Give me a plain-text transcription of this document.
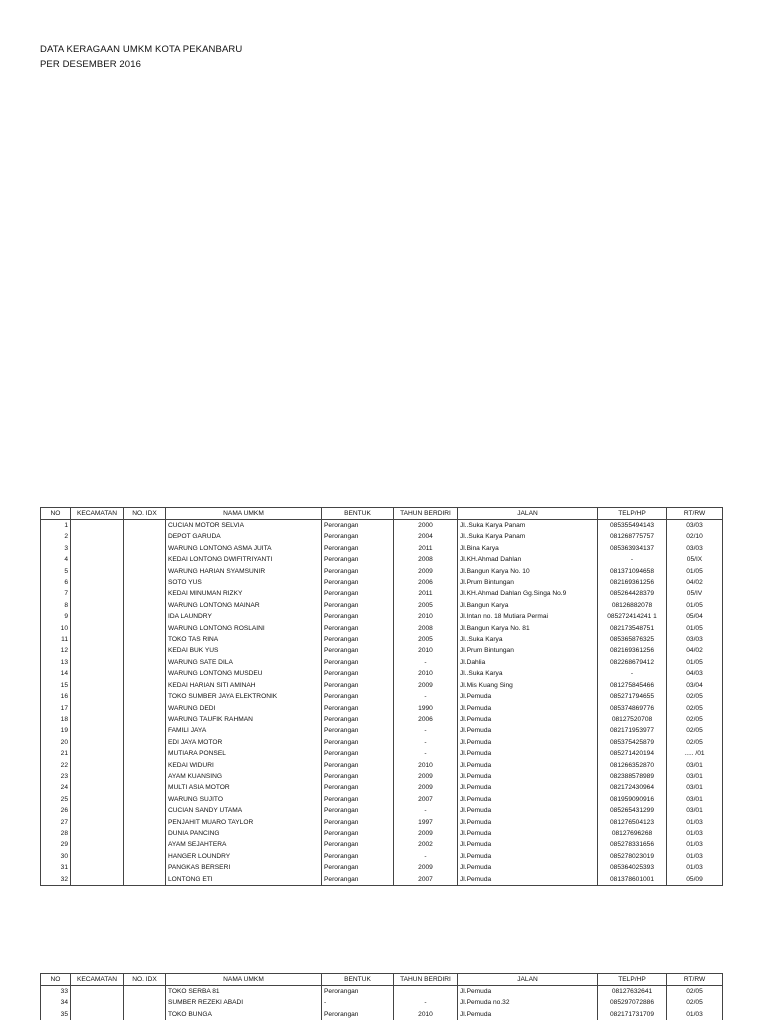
DATA KERAGAAN UMKM KOTA PEKANBARU
PER DESEMBER 2016
NO	KECAMATAN	NO. IDX	NAMA UMKM	BENTUK	TAHUN BERDIRI	JALAN	TELP/HP	RT/RW
1			CUCIAN MOTOR SELVIA	Perorangan	2000	Jl..Suka Karya Panam	085355494143	03/03
2			DEPOT GARUDA	Perorangan	2004	Jl..Suka Karya Panam	081268775757	02/10
3			WARUNG LONTONG ASMA JUITA	Perorangan	2011	Jl.Bina Karya	085363934137	03/03
4			KEDAI LONTONG DWIFITRIYANTI	Perorangan	2008	Jl.KH.Ahmad Dahlan	-	05/IX
5			WARUNG HARIAN SYAMSUNIR	Perorangan	2009	Jl.Bangun Karya No. 10	081371094658	01/05
6			SOTO YUS	Perorangan	2006	Jl.Prum Bintungan	082169361256	04/02
7			KEDAI MINUMAN RIZKY	Perorangan	2011	Jl.KH.Ahmad Dahlan Gg.Singa No.9	085264428379	05/IV
8			WARUNG LONTONG MAINAR	Perorangan	2005	Jl.Bangun Karya	08126882078	01/05
9			IDA LAUNDRY	Perorangan	2010	Jl.Intan no. 18 Mutiara Permai	085272414241 1	05/04
10			WARUNG LONTONG ROSLAINI	Perorangan	2008	Jl.Bangun Karya No. 81	082173548751	01/05
11			TOKO TAS RINA	Perorangan	2005	Jl..Suka Karya	085365876325	03/03
12			KEDAI BUK YUS	Perorangan	2010	Jl.Prum Bintungan	082169361256	04/02
13			WARUNG SATE DILA	Perorangan	-	Jl.Dahlia	082268679412	01/05
14			WARUNG LONTONG MUSDEU	Perorangan	2010	Jl..Suka Karya	-	04/03
15			KEDAI HARIAN SITI AMINAH	Perorangan	2009	Jl.Mis Kuang Sing	081275845466	03/04
16			TOKO SUMBER JAYA ELEKTRONIK	Perorangan	-	Jl.Pemuda	085271794655	02/05
17			WARUNG DEDI	Perorangan	1990	Jl.Pemuda	085374869776	02/05
18			WARUNG TAUFIK RAHMAN	Perorangan	2006	Jl.Pemuda	08127520708	02/05
19			FAMILI JAYA	Perorangan	-	Jl.Pemuda	082171953977	02/05
20			EDI JAYA MOTOR	Perorangan	-	Jl.Pemuda	085375425879	02/05
21			MUTIARA PONSEL	Perorangan	-	Jl.Pemuda	085271420194	..... /01
22			KEDAI WIDURI	Perorangan	2010	Jl.Pemuda	081266352870	03/01
23			AYAM KUANSING	Perorangan	2009	Jl.Pemuda	082388578989	03/01
24			MULTI ASIA MOTOR	Perorangan	2009	Jl.Pemuda	082172430964	03/01
25			WARUNG SUJITO	Perorangan	2007	Jl.Pemuda	081959090916	03/01
26			CUCIAN SANDY UTAMA	Perorangan	-	Jl.Pemuda	085265431299	03/01
27			PENJAHIT MUARO TAYLOR	Perorangan	1997	Jl.Pemuda	081276504123	01/03
28			DUNIA PANCING	Perorangan	2009	Jl.Pemuda	08127696268	01/03
29			AYAM SEJAHTERA	Perorangan	2002	Jl.Pemuda	085278331656	01/03
30			HANGER LOUNDRY	Perorangan	-	Jl.Pemuda	085278023019	01/03
31			PANGKAS BERSERI	Perorangan	2009	Jl.Pemuda	085364025393	01/03
32			LONTONG ETI	Perorangan	2007	Jl.Pemuda	081378601001	05/09
NO	KECAMATAN	NO. IDX	NAMA UMKM	BENTUK	TAHUN BERDIRI	JALAN	TELP/HP	RT/RW
33			TOKO SERBA 81	Perorangan		Jl.Pemuda	08127632641	02/05
34			SUMBER REZEKI ABADI	-	-	Jl.Pemuda no.32	085297072886	02/05
35			TOKO BUNGA	Perorangan	2010	Jl.Pemuda	082171731709	01/03
